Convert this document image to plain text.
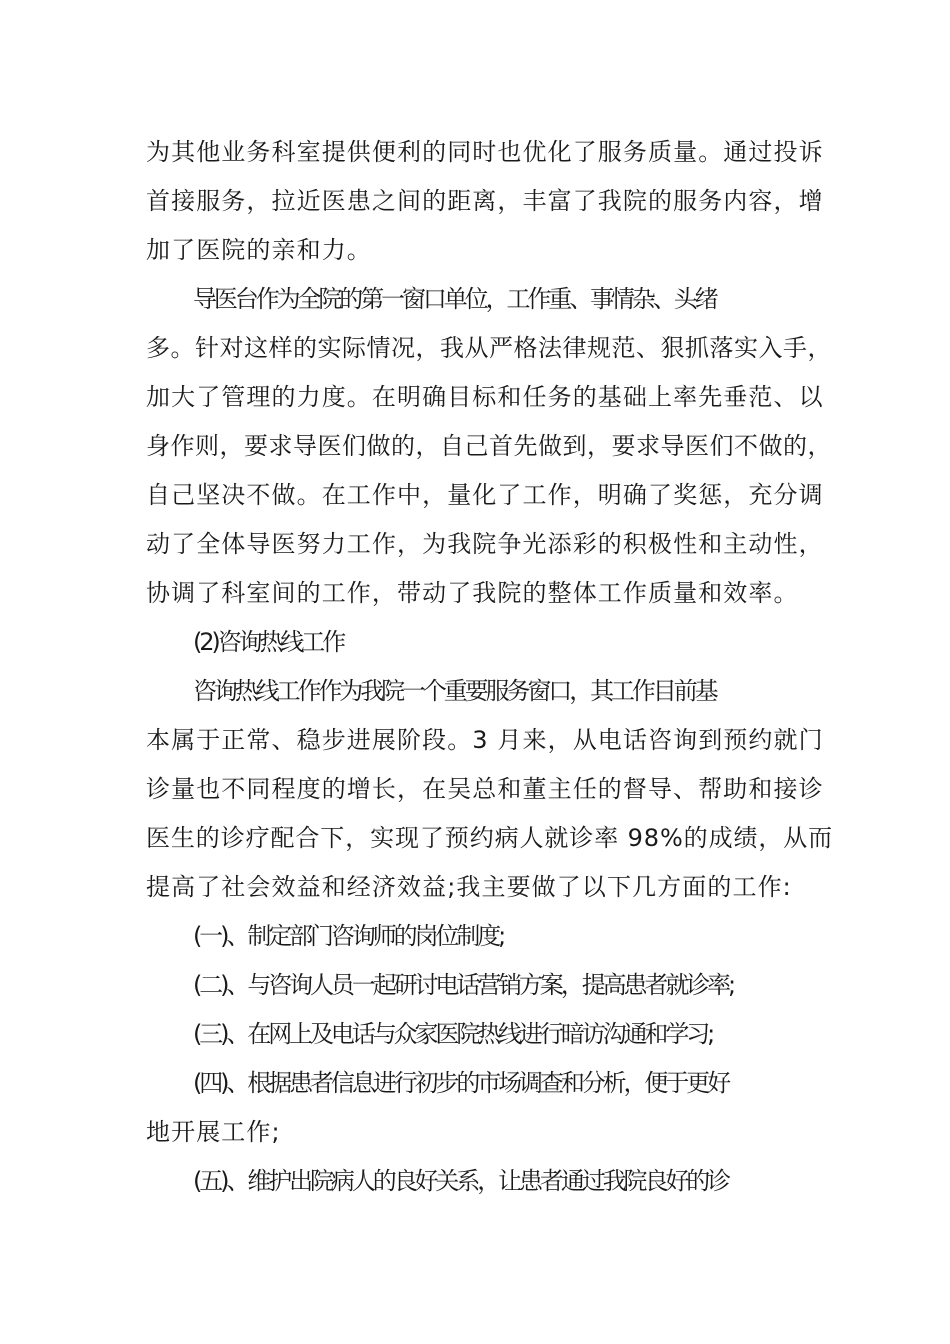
为其他业务科室提供便利的同时也优化了服务质量。通过投诉
首接服务，拉近医患之间的距离，丰富了我院的服务内容，增
加了医院的亲和力。
导医台作为全院的第一窗口单位，工作重、事情杂、头绪
多。针对这样的实际情况，我从严格法律规范、狠抓落实入手，
加大了管理的力度。在明确目标和任务的基础上率先垂范、以
身作则，要求导医们做的，自己首先做到，要求导医们不做的，
自己坚决不做。在工作中，量化了工作，明确了奖惩，充分调
动了全体导医努力工作，为我院争光添彩的积极性和主动性，
协调了科室间的工作，带动了我院的整体工作质量和效率。
(2)咨询热线工作
咨询热线工作作为我院一个重要服务窗口，其工作目前基
本属于正常、稳步进展阶段。3 月来，从电话咨询到预约就门
诊量也不同程度的增长，在吴总和董主任的督导、帮助和接诊
医生的诊疗配合下，实现了预约病人就诊率 98%的成绩，从而
提高了社会效益和经济效益;我主要做了以下几方面的工作:
(一)、制定部门咨询师的岗位制度;
(二)、与咨询人员一起研讨电话营销方案，提高患者就诊率;
(三)、在网上及电话与众家医院热线进行暗访沟通和学习;
(四)、根据患者信息进行初步的市场调查和分析，便于更好
地开展工作;
(五)、维护出院病人的良好关系，让患者通过我院良好的诊
